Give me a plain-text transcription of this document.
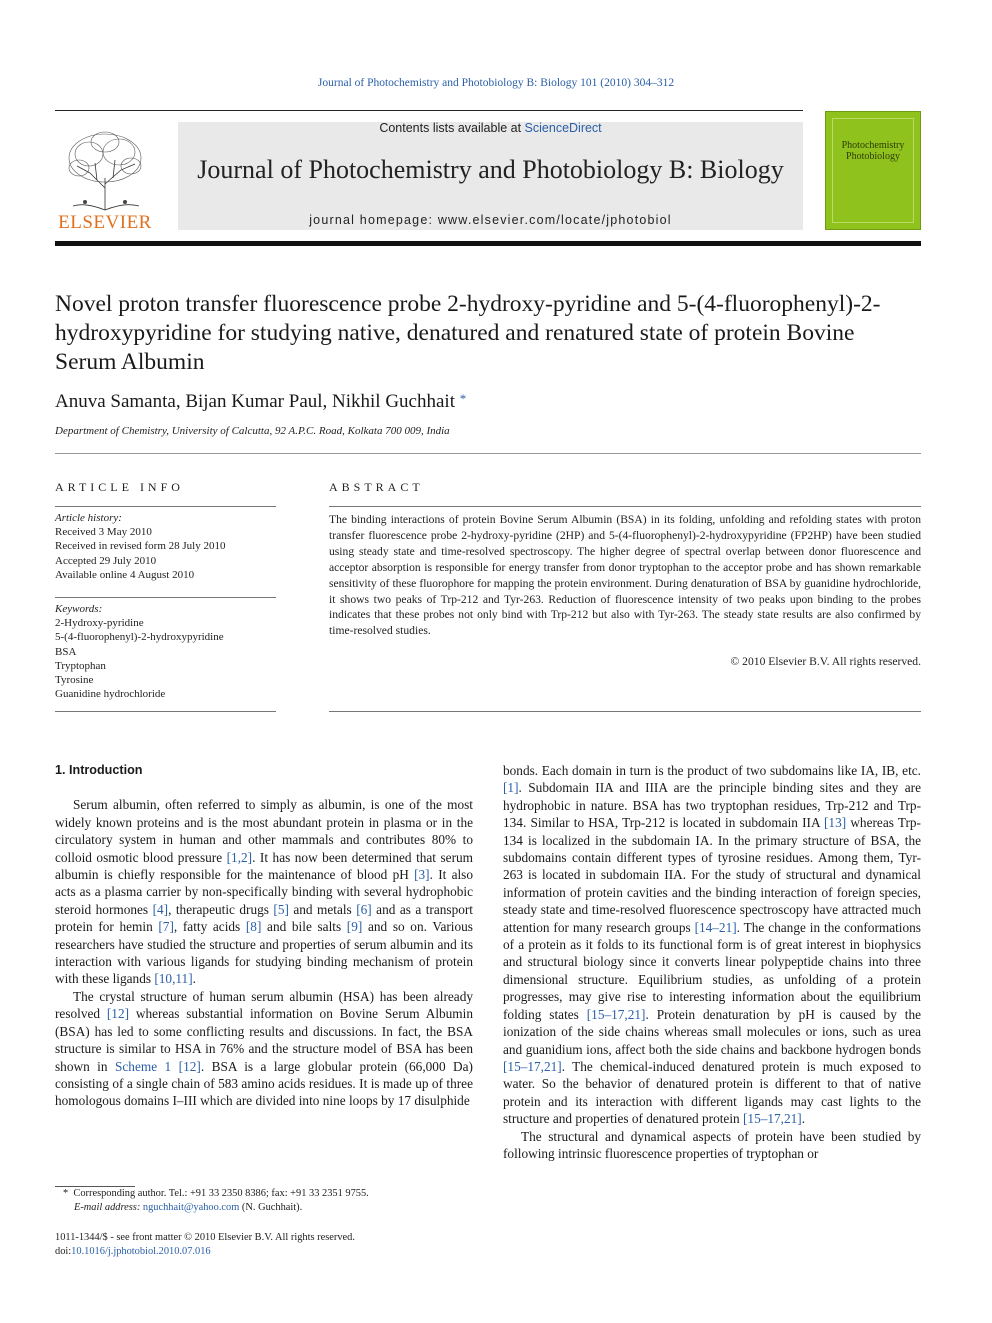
Journal of Photochemistry and Photobiology B: Biology 101 (2010) 304–312
ELSEVIER
Contents lists available at ScienceDirect
Journal of Photochemistry and Photobiology B: Biology
journal homepage: www.elsevier.com/locate/jphotobiol
Photochemistry Photobiology
Novel proton transfer fluorescence probe 2-hydroxy-pyridine and 5-(4-fluorophenyl)-2-hydroxypyridine for studying native, denatured and renatured state of protein Bovine Serum Albumin
Anuva Samanta, Bijan Kumar Paul, Nikhil Guchhait *
Department of Chemistry, University of Calcutta, 92 A.P.C. Road, Kolkata 700 009, India
ARTICLE INFO
Article history:
Received 3 May 2010
Received in revised form 28 July 2010
Accepted 29 July 2010
Available online 4 August 2010
Keywords:
2-Hydroxy-pyridine
5-(4-fluorophenyl)-2-hydroxypyridine
BSA
Tryptophan
Tyrosine
Guanidine hydrochloride
ABSTRACT
The binding interactions of protein Bovine Serum Albumin (BSA) in its folding, unfolding and refolding states with proton transfer fluorescence probe 2-hydroxy-pyridine (2HP) and 5-(4-fluorophenyl)-2-hydroxypyridine (FP2HP) have been studied using steady state and time-resolved spectroscopy. The higher degree of spectral overlap between donor fluorescence and acceptor absorption is responsible for energy transfer from donor tryptophan to the acceptor probe and has shown remarkable sensitivity of these fluorophore for mapping the protein environment. During denaturation of BSA by guanidine hydrochloride, it shows two peaks of Trp-212 and Tyr-263. Reduction of fluorescence intensity of two peaks upon binding to the probes indicates that these probes not only bind with Trp-212 but also with Tyr-263. The steady state results are also confirmed by time-resolved studies.
© 2010 Elsevier B.V. All rights reserved.
1. Introduction

Serum albumin, often referred to simply as albumin, is one of the most widely known proteins and is the most abundant protein in plasma or in the circulatory system in human and other mammals and contributes 80% to colloid osmotic blood pressure [1,2]. It has now been determined that serum albumin is chiefly responsible for the maintenance of blood pH [3]. It also acts as a plasma carrier by non-specifically binding with several hydrophobic steroid hormones [4], therapeutic drugs [5] and metals [6] and as a transport protein for hemin [7], fatty acids [8] and bile salts [9] and so on. Various researchers have studied the structure and properties of serum albumin and its interaction with various ligands for studying binding mechanism of protein with these ligands [10,11].

The crystal structure of human serum albumin (HSA) has been already resolved [12] whereas substantial information on Bovine Serum Albumin (BSA) has led to some conflicting results and discussions. In fact, the BSA structure is similar to HSA in 76% and the structure model of BSA has been shown in Scheme 1 [12]. BSA is a large globular protein (66,000 Da) consisting of a single chain of 583 amino acids residues. It is made up of three homologous domains I–III which are divided into nine loops by 17 disulphide

bonds. Each domain in turn is the product of two subdomains like IA, IB, etc. [1]. Subdomain IIA and IIIA are the principle binding sites and they are hydrophobic in nature. BSA has two tryptophan residues, Trp-212 and Trp-134. Similar to HSA, Trp-212 is located in subdomain IIA [13] whereas Trp-134 is localized in the subdomain IA. In the primary structure of BSA, the subdomains contain different types of tyrosine residues. Among them, Tyr-263 is located in subdomain IIA. For the study of structural and dynamical information of protein cavities and the binding interaction of foreign species, steady state and time-resolved fluorescence spectroscopy have attracted much attention for many research groups [14–21]. The change in the conformations of a protein as it folds to its functional form is of great interest in biophysics and structural biology since it converts linear polypeptide chains into three dimensional structure. Equilibrium studies, as unfolding of a protein progresses, may give rise to interesting information about the equilibrium folding states [15–17,21]. Protein denaturation by pH is caused by the ionization of the side chains whereas small molecules or ions, such as urea and guanidium ions, affect both the side chains and backbone hydrogen bonds [15–17,21]. The chemical-induced denatured protein is much exposed to water. So the behavior of denatured protein is different to that of native protein and its interaction with different ligands may cast lights to the structure and properties of denatured protein [15–17,21].

The structural and dynamical aspects of protein have been studied by following intrinsic fluorescence properties of tryptophan or

* Corresponding author. Tel.: +91 33 2350 8386; fax: +91 33 2351 9755.
E-mail address: nguchhait@yahoo.com (N. Guchhait).
1011-1344/$ - see front matter © 2010 Elsevier B.V. All rights reserved.
doi:10.1016/j.jphotobiol.2010.07.016
